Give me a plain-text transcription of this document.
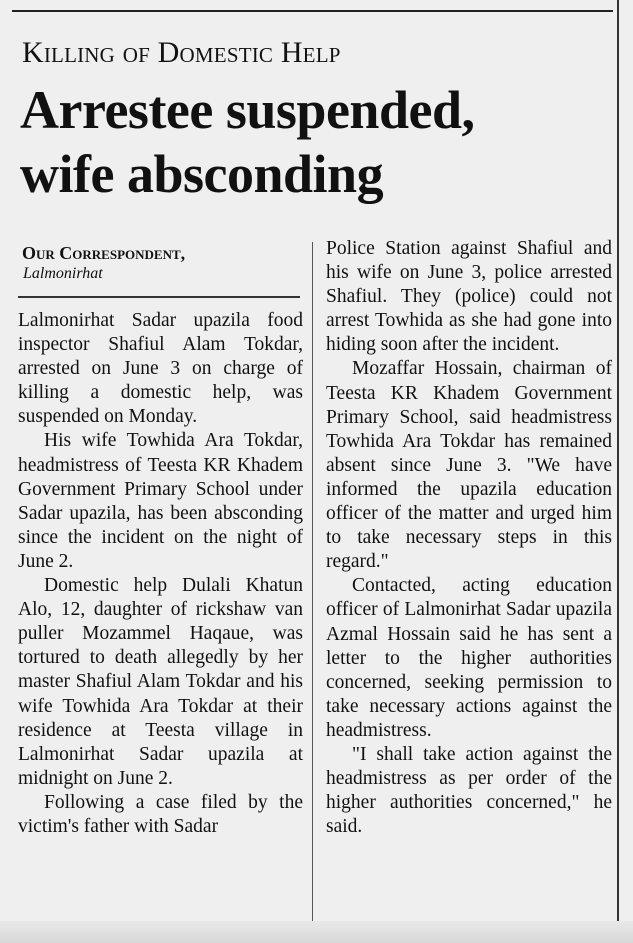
Killing of Domestic Help
Arrestee suspended,
wife absconding
Our Correspondent,
Lalmonirhat

Lalmonirhat Sadar upazila food inspector Shafiul Alam Tokdar, arrested on June 3 on charge of killing a domestic help, was suspended on Monday.

His wife Towhida Ara Tokdar, headmistress of Teesta KR Khadem Government Primary School under Sadar upazila, has been absconding since the incident on the night of June 2.

Domestic help Dulali Khatun Alo, 12, daughter of rickshaw van puller Mozammel Haqaue, was tortured to death allegedly by her master Shafiul Alam Tokdar and his wife Towhida Ara Tokdar at their residence at Teesta village in Lalmonirhat Sadar upazila at midnight on June 2.

Following a case filed by the victim's father with Sadar

Police Station against Shafiul and his wife on June 3, police arrested Shafiul. They (police) could not arrest Towhida as she had gone into hiding soon after the incident.

Mozaffar Hossain, chairman of Teesta KR Khadem Government Primary School, said headmistress Towhida Ara Tokdar has remained absent since June 3. "We have informed the upazila education officer of the matter and urged him to take necessary steps in this regard."

Contacted, acting education officer of Lalmonirhat Sadar upazila Azmal Hossain said he has sent a letter to the higher authorities concerned, seeking permission to take necessary actions against the headmistress.

"I shall take action against the headmistress as per order of the higher authorities concerned," he said.
